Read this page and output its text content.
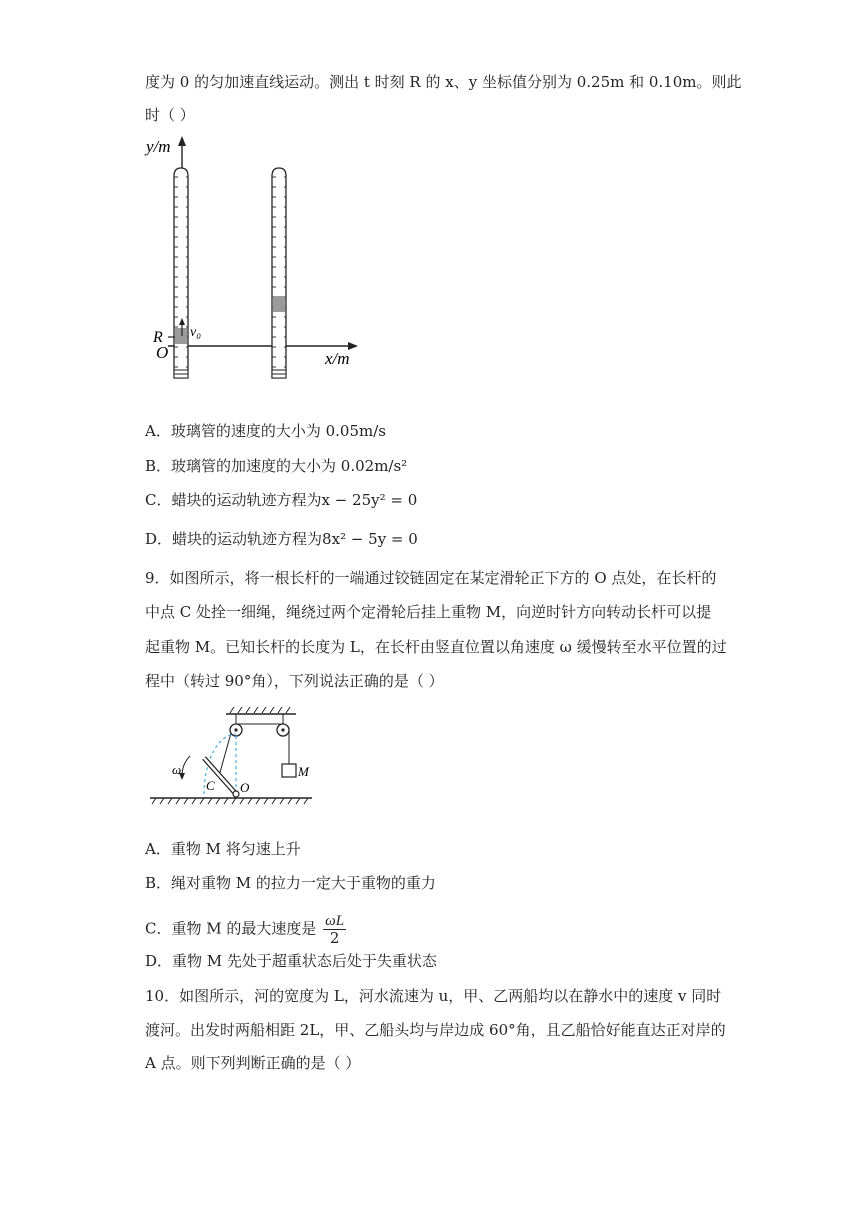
度为 0 的匀加速直线运动。测出 t 时刻 R 的 x、y 坐标值分别为 0.25m 和 0.10m。则此
时（ ）
y/m
x/m
O
R v₀
A．玻璃管的速度的大小为 0.05m/s
B．玻璃管的加速度的大小为 0.02m/s²
C．蜡块的运动轨迹方程为x − 25y² = 0
D．蜡块的运动轨迹方程为8x² − 5y = 0
9．如图所示，将一根长杆的一端通过铰链固定在某定滑轮正下方的 O 点处，在长杆的
中点 C 处拴一细绳，绳绕过两个定滑轮后挂上重物 M，向逆时针方向转动长杆可以提
起重物 M。已知长杆的长度为 L，在长杆由竖直位置以角速度 ω 缓慢转至水平位置的过
程中（转过 90°角），下列说法正确的是（ ）
ω
C O
M
A．重物 M 将匀速上升
B．绳对重物 M 的拉力一定大于重物的重力
C．重物 M 的最大速度是 $\frac{\omega L}{2}$
D．重物 M 先处于超重状态后处于失重状态
10．如图所示，河的宽度为 L，河水流速为 u，甲、乙两船均以在静水中的速度 v 同时
渡河。出发时两船相距 2L，甲、乙船头均与岸边成 60°角，且乙船恰好能直达正对岸的
A 点。则下列判断正确的是（ ）
